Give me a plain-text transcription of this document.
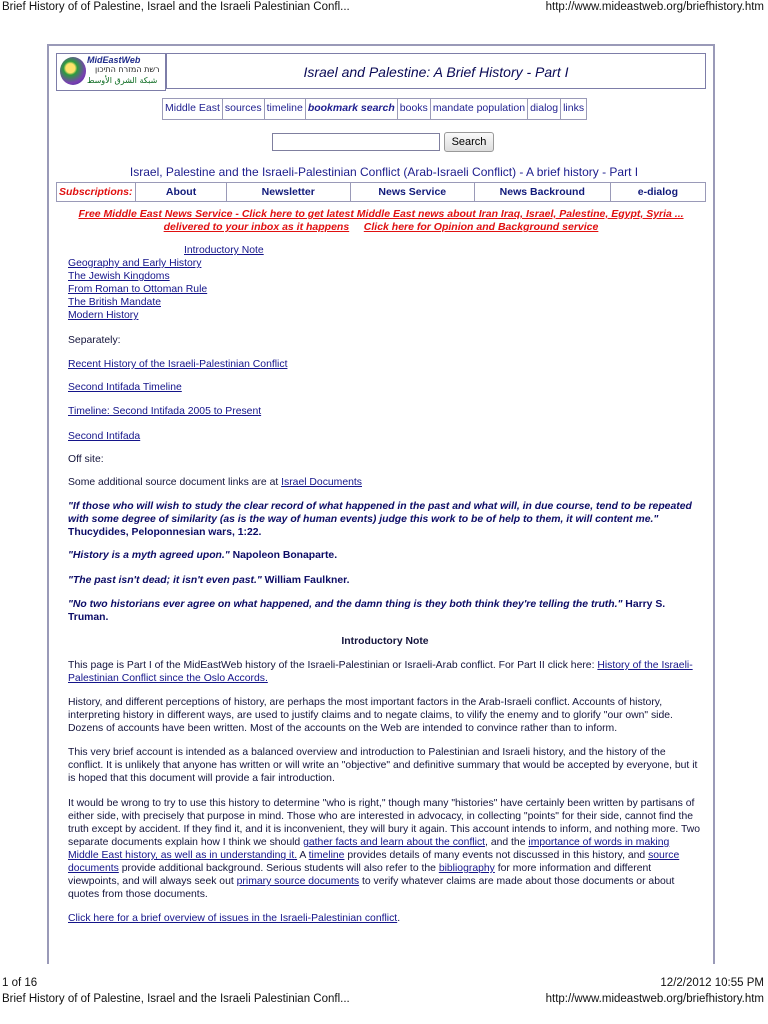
Brief History of of Palestine, Israel and the Israeli Palestinian Confl...	http://www.mideastweb.org/briefhistory.htm
MidEastWeb
רשת המזרח התיכון
شبكة الشرق الأوسط
Israel and Palestine: A Brief History - Part I
Middle East sources timeline bookmark search books mandate population dialog links
Search
Israel, Palestine and the Israeli-Palestinian Conflict (Arab-Israeli Conflict) - A brief history - Part I
Subscriptions:	About	Newsletter	News Service	News Backround	e-dialog
Free Middle East News Service - Click here to get latest Middle East news about Iran Iraq, Israel, Palestine, Egypt, Syria ...
delivered to your inbox as it happens Click here for Opinion and Background service
Introductory Note
Geography and Early History
The Jewish Kingdoms
From Roman to Ottoman Rule
The British Mandate
Modern History
Separately:
Recent History of the Israeli-Palestinian Conflict
Second Intifada Timeline
Timeline: Second Intifada 2005 to Present
Second Intifada
Off site:
Some additional source document links are at Israel Documents
"If those who will wish to study the clear record of what happened in the past and what will, in due course, tend to be repeated with some degree of similarity (as is the way of human events) judge this work to be of help to them, it will content me." Thucydides, Peloponnesian wars, 1:22.
"History is a myth agreed upon." Napoleon Bonaparte.
"The past isn't dead; it isn't even past." William Faulkner.
"No two historians ever agree on what happened, and the damn thing is they both think they're telling the truth." Harry S. Truman.
Introductory Note
This page is Part I of the MidEastWeb history of the Israeli-Palestinian or Israeli-Arab conflict. For Part II click here: History of the Israeli-Palestinian Conflict since the Oslo Accords.
History, and different perceptions of history, are perhaps the most important factors in the Arab-Israeli conflict. Accounts of history, interpreting history in different ways, are used to justify claims and to negate claims, to vilify the enemy and to glorify "our own" side. Dozens of accounts have been written. Most of the accounts on the Web are intended to convince rather than to inform.
This very brief account is intended as a balanced overview and introduction to Palestinian and Israeli history, and the history of the conflict. It is unlikely that anyone has written or will write an "objective" and definitive summary that would be accepted by everyone, but it is hoped that this document will provide a fair introduction.
It would be wrong to try to use this history to determine "who is right," though many "histories" have certainly been written by partisans of either side, with precisely that purpose in mind. Those who are interested in advocacy, in collecting "points" for their side, cannot find the truth except by accident. If they find it, and it is inconvenient, they will bury it again. This account intends to inform, and nothing more. Two separate documents explain how I think we should gather facts and learn about the conflict, and the importance of words in making Middle East history, as well as in understanding it. A timeline provides details of many events not discussed in this history, and source documents provide additional background. Serious students will also refer to the bibliography for more information and different viewpoints, and will always seek out primary source documents to verify whatever claims are made about those documents or about quotes from those documents.
Click here for a brief overview of issues in the Israeli-Palestinian conflict.
1 of 16	12/2/2012 10:55 PM
Brief History of of Palestine, Israel and the Israeli Palestinian Confl...	http://www.mideastweb.org/briefhistory.htm
